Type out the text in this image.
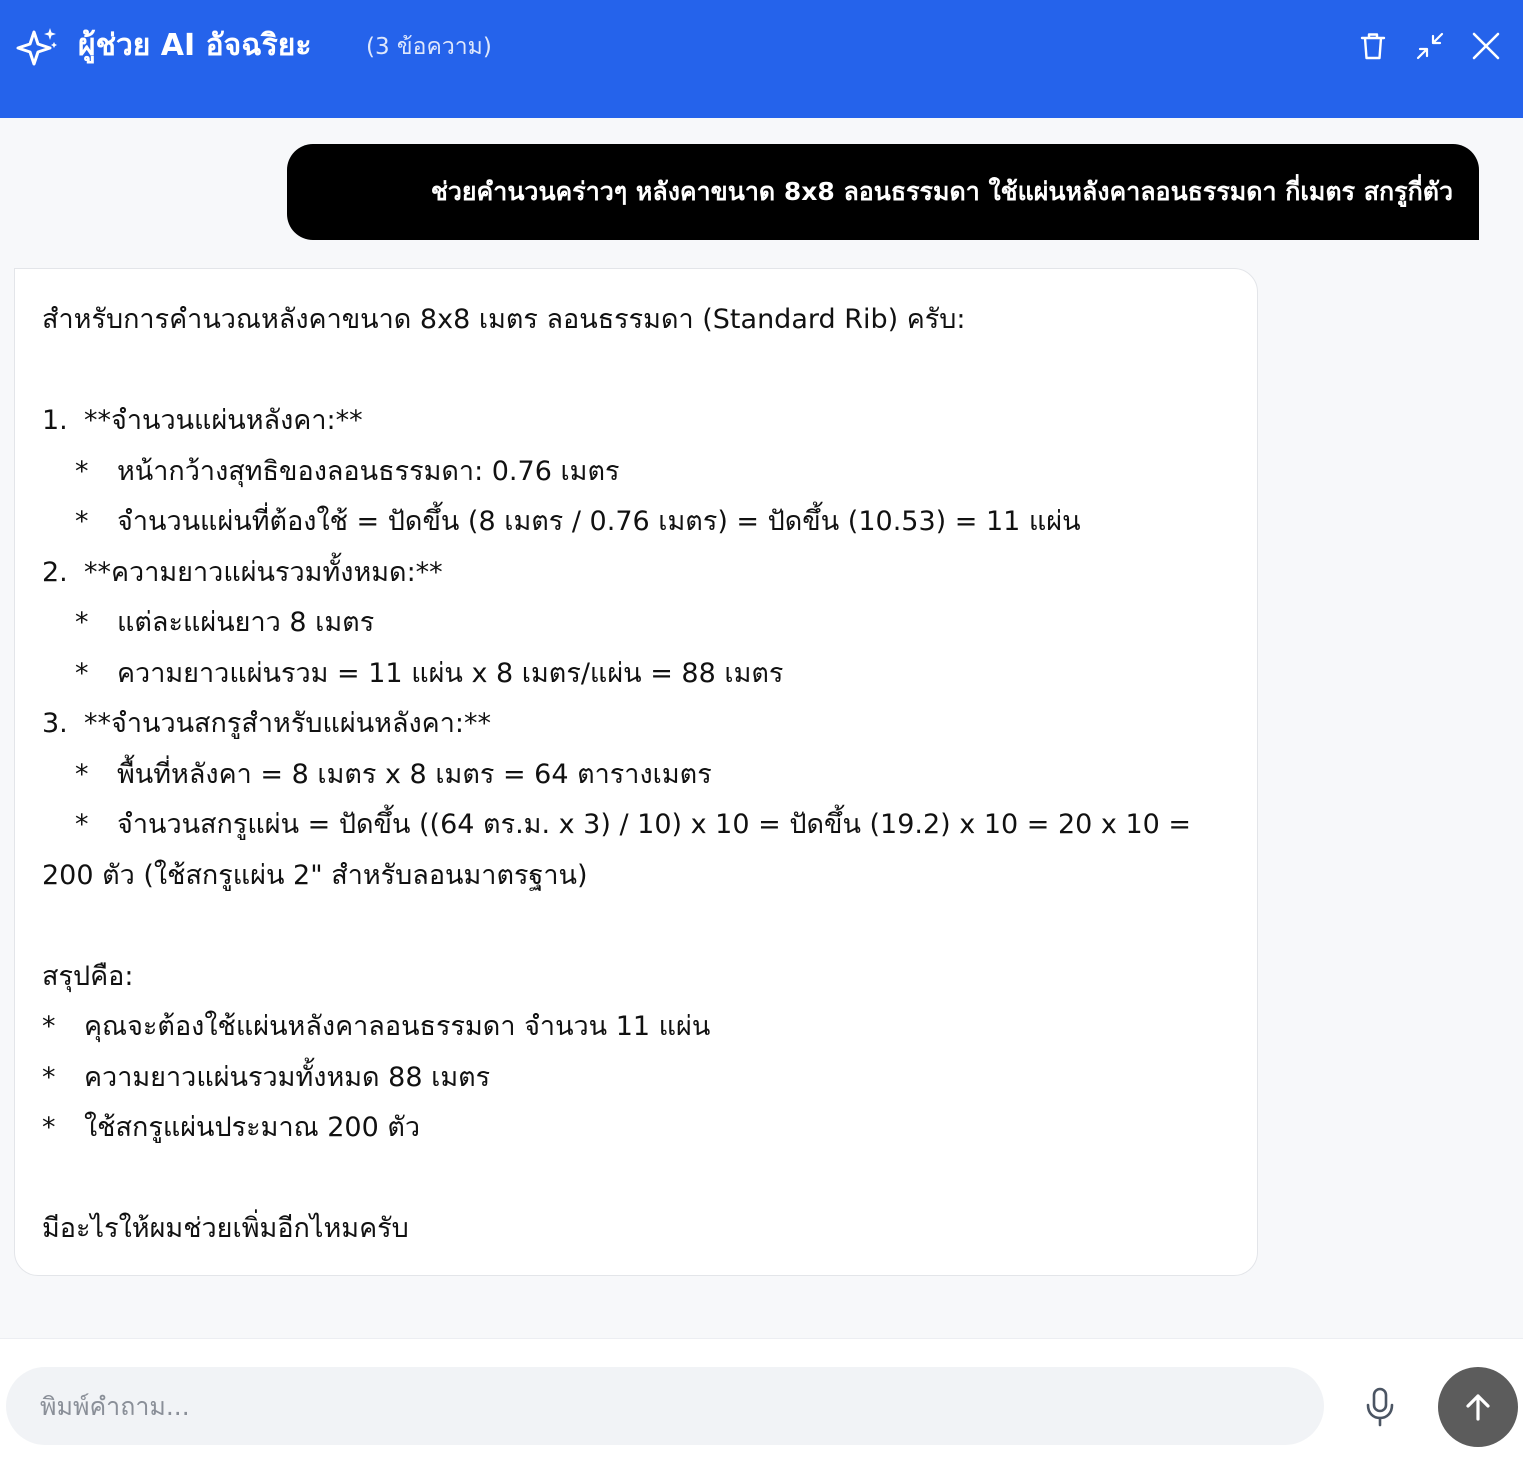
ผู้ช่วย AI อัจฉริยะ (3 ข้อความ)
ช่วยคำนวนคร่าวๆ หลังคาขนาด 8x8 ลอนธรรมดา ใช้แผ่นหลังคาลอนธรรมดา กี่เมตร สกรูกี่ตัว
สำหรับการคำนวณหลังคาขนาด 8x8 เมตร ลอนธรรมดา (Standard Rib) ครับ:
1. **จำนวนแผ่นหลังคา:**
* หน้ากว้างสุทธิของลอนธรรมดา: 0.76 เมตร
* จำนวนแผ่นที่ต้องใช้ = ปัดขึ้น (8 เมตร / 0.76 เมตร) = ปัดขึ้น (10.53) = 11 แผ่น
2. **ความยาวแผ่นรวมทั้งหมด:**
* แต่ละแผ่นยาว 8 เมตร
* ความยาวแผ่นรวม = 11 แผ่น x 8 เมตร/แผ่น = 88 เมตร
3. **จำนวนสกรูสำหรับแผ่นหลังคา:**
* พื้นที่หลังคา = 8 เมตร x 8 เมตร = 64 ตารางเมตร
* จำนวนสกรูแผ่น = ปัดขึ้น ((64 ตร.ม. x 3) / 10) x 10 = ปัดขึ้น (19.2) x 10 = 20 x 10 =
200 ตัว (ใช้สกรูแผ่น 2" สำหรับลอนมาตรฐาน)
สรุปคือ:
* คุณจะต้องใช้แผ่นหลังคาลอนธรรมดา จำนวน 11 แผ่น
* ความยาวแผ่นรวมทั้งหมด 88 เมตร
* ใช้สกรูแผ่นประมาณ 200 ตัว
มีอะไรให้ผมช่วยเพิ่มอีกไหมครับ
พิมพ์คำถาม...
